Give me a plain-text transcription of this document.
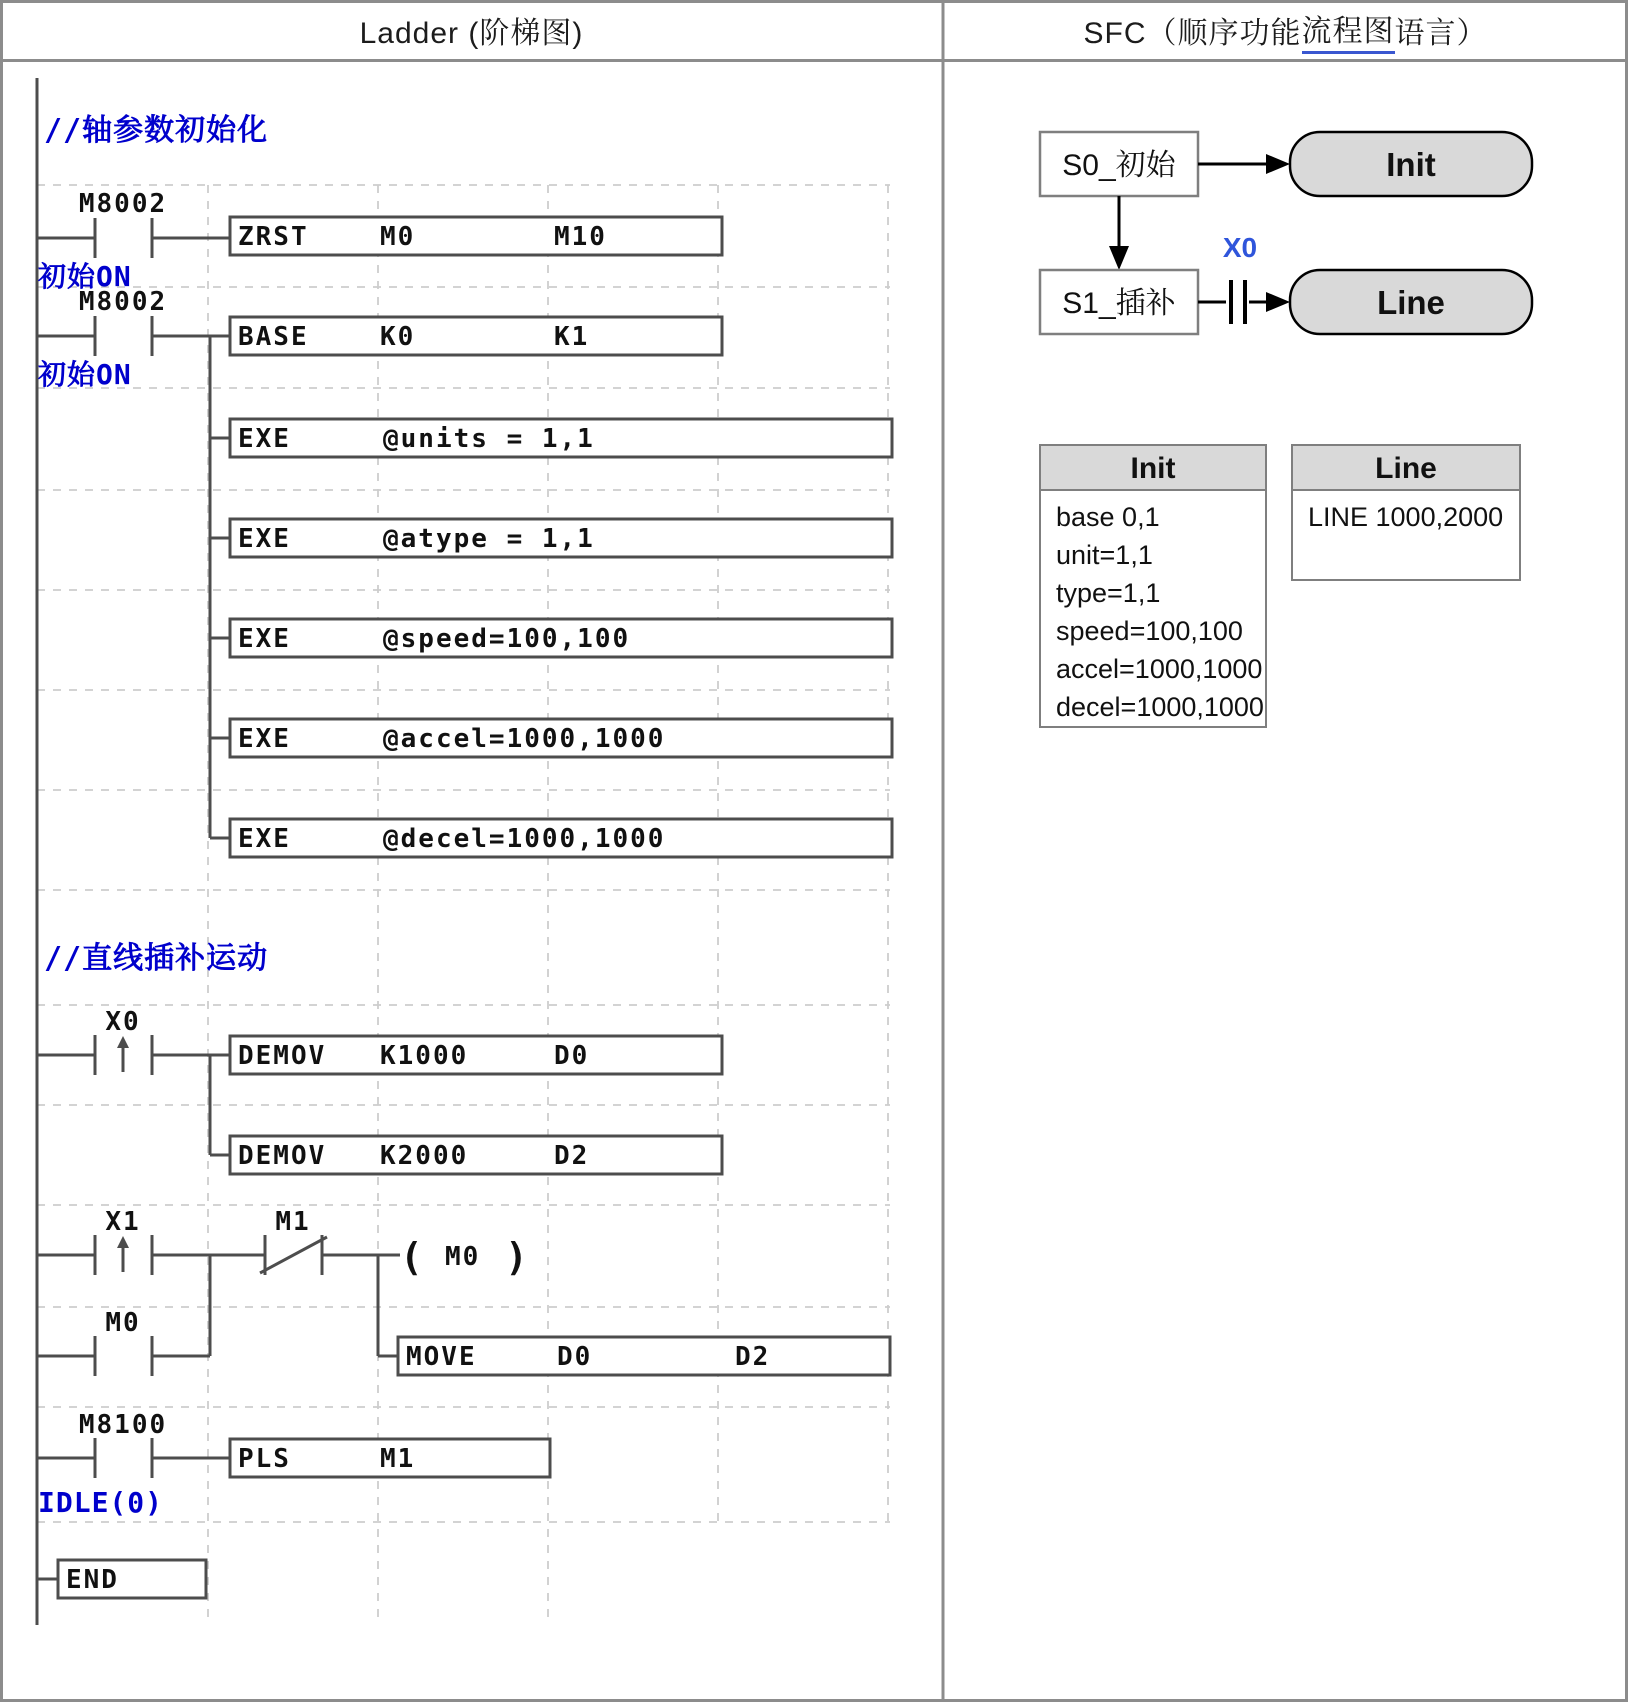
Ladder (阶梯图)	SFC（顺序功能 流程图 语言）
//轴参数初始化
M8002
初始ON
ZRST	M0	M10
M8002
初始ON
BASE	K0	K1
EXE	@units = 1,1
EXE	@atype = 1,1
EXE	@speed=100,100
EXE	@accel=1000,1000
EXE	@decel=1000,1000
//直线插补运动
X0
DEMOV K1000	D0
DEMOV K2000	D2
X1	M1
( M0 )
M0
MOVE	D0	D2
M8100
IDLE(0)
PLS	M1
END
S0_初始	Init
S1_插补
X0
Line
Init
base 0,1
unit=1,1
type=1,1
speed=100,100
accel=1000,1000
decel=1000,1000
Line
LINE 1000,2000
